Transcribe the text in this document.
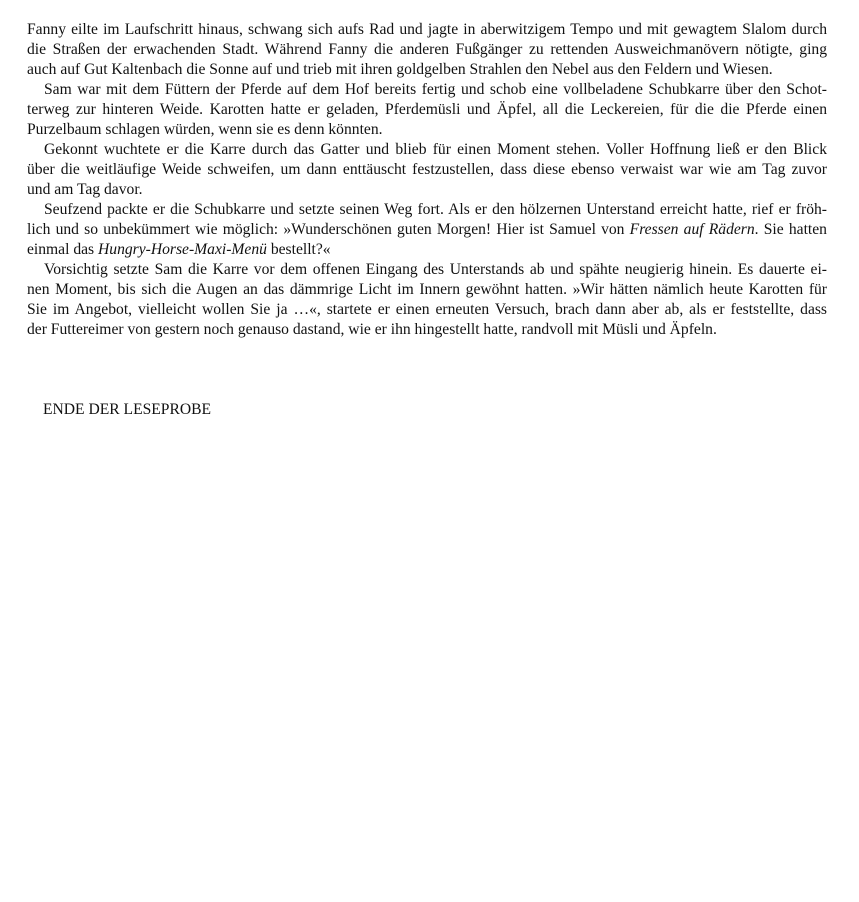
Fanny eilte im Laufschritt hinaus, schwang sich aufs Rad und jagte in aberwitzigem Tempo und mit gewagtem Slalom durch
die Straßen der erwachenden Stadt. Während Fanny die anderen Fußgänger zu rettenden Ausweichmanövern nötigte, ging
auch auf Gut Kaltenbach die Sonne auf und trieb mit ihren goldgelben Strahlen den Nebel aus den Feldern und Wiesen.
Sam war mit dem Füttern der Pferde auf dem Hof bereits fertig und schob eine vollbeladene Schubkarre über den Schot-
terweg zur hinteren Weide. Karotten hatte er geladen, Pferdemüsli und Äpfel, all die Leckereien, für die die Pferde einen
Purzelbaum schlagen würden, wenn sie es denn könnten.
Gekonnt wuchtete er die Karre durch das Gatter und blieb für einen Moment stehen. Voller Hoffnung ließ er den Blick
über die weitläufige Weide schweifen, um dann enttäuscht festzustellen, dass diese ebenso verwaist war wie am Tag zuvor
und am Tag davor.
Seufzend packte er die Schubkarre und setzte seinen Weg fort. Als er den hölzernen Unterstand erreicht hatte, rief er fröh-
lich und so unbekümmert wie möglich: »Wunderschönen guten Morgen! Hier ist Samuel von Fressen auf Rädern. Sie hatten
einmal das Hungry-Horse-Maxi-Menü bestellt?«
Vorsichtig setzte Sam die Karre vor dem offenen Eingang des Unterstands ab und spähte neugierig hinein. Es dauerte ei-
nen Moment, bis sich die Augen an das dämmrige Licht im Innern gewöhnt hatten. »Wir hätten nämlich heute Karotten für
Sie im Angebot, vielleicht wollen Sie ja …«, startete er einen erneuten Versuch, brach dann aber ab, als er feststellte, dass
der Futtereimer von gestern noch genauso dastand, wie er ihn hingestellt hatte, randvoll mit Müsli und Äpfeln.
ENDE DER LESEPROBE
